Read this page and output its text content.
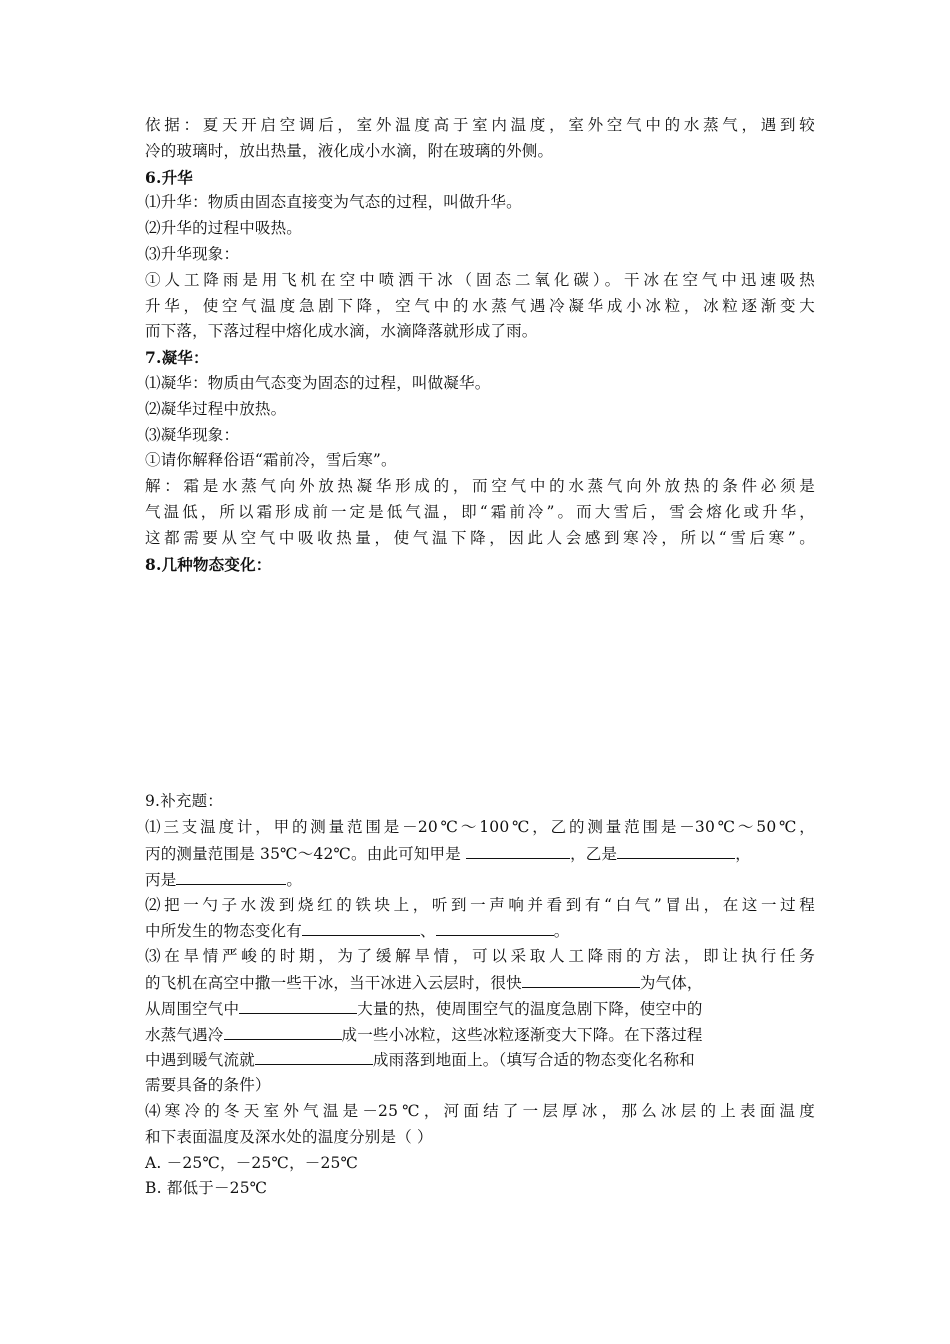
依据：夏天开启空调后，室外温度高于室内温度，室外空气中的水蒸气，遇到较
冷的玻璃时，放出热量，液化成小水滴，附在玻璃的外侧。
6.升华
⑴升华：物质由固态直接变为气态的过程，叫做升华。
⑵升华的过程中吸热。
⑶升华现象：
①人工降雨是用飞机在空中喷洒干冰（固态二氧化碳）。干冰在空气中迅速吸热
升华，使空气温度急剧下降，空气中的水蒸气遇冷凝华成小冰粒，冰粒逐渐变大
而下落，下落过程中熔化成水滴，水滴降落就形成了雨。
7.凝华：
⑴凝华：物质由气态变为固态的过程，叫做凝华。
⑵凝华过程中放热。
⑶凝华现象：
①请你解释俗语“霜前冷，雪后寒”。
解：霜是水蒸气向外放热凝华形成的，而空气中的水蒸气向外放热的条件必须是
气温低，所以霜形成前一定是低气温，即“霜前冷”。而大雪后，雪会熔化或升华，
这都需要从空气中吸收热量，使气温下降，因此人会感到寒冷，所以“雪后寒”。
8.几种物态变化：
9.补充题：
⑴三支温度计，甲的测量范围是－20℃～100℃，乙的测量范围是－30℃～50℃，
丙的测量范围是 35℃～42℃。由此可知甲是	，乙是	，
丙是	。
⑵把一勺子水泼到烧红的铁块上，听到一声响并看到有“白气”冒出，在这一过程
中所发生的物态变化有	、	。
⑶在旱情严峻的时期，为了缓解旱情，可以采取人工降雨的方法，即让执行任务
的飞机在高空中撒一些干冰，当干冰进入云层时，很快	为气体，
从周围空气中	大量的热，使周围空气的温度急剧下降，使空中的
水蒸气遇冷	成一些小冰粒，这些冰粒逐渐变大下降。在下落过程
中遇到暖气流就	成雨落到地面上。（填写合适的物态变化名称和
需要具备的条件）
⑷寒冷的冬天室外气温是－25℃，河面结了一层厚冰，那么冰层的上表面温度
和下表面温度及深水处的温度分别是（ ）
A. －25℃，－25℃，－25℃
B. 都低于－25℃
